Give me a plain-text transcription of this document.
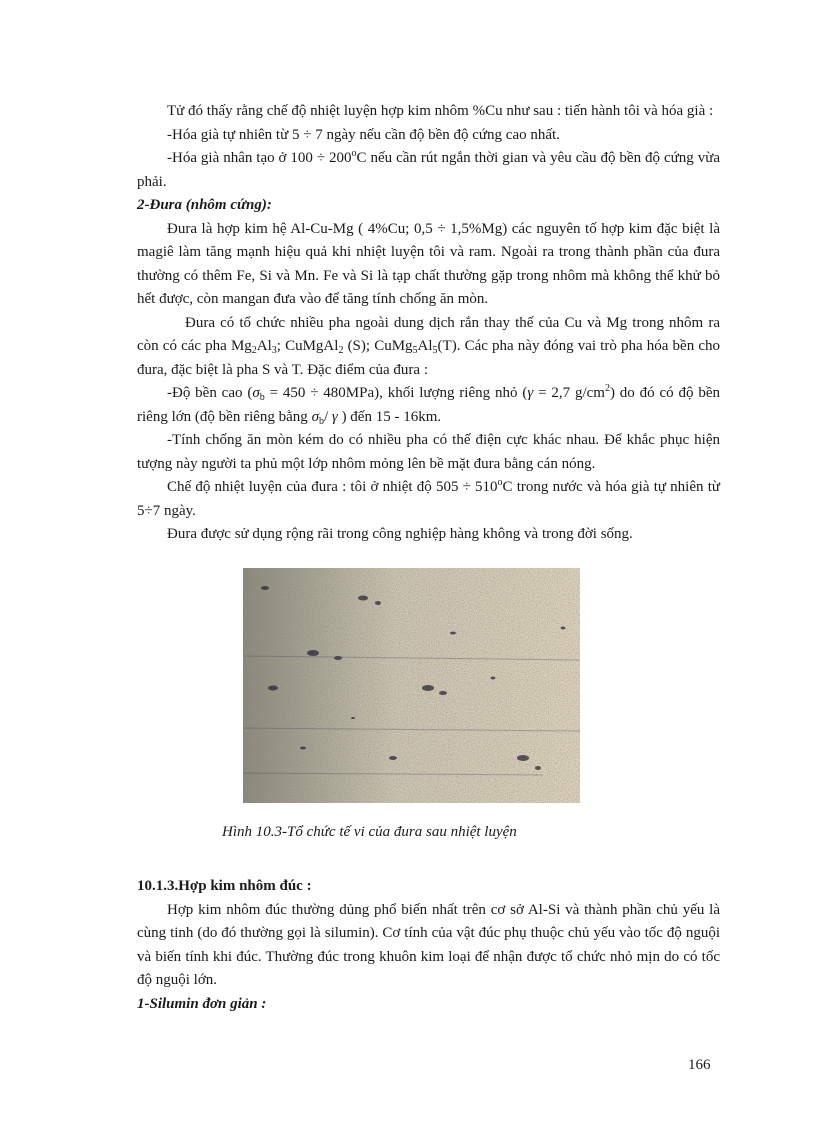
Tử đó thấy rằng chế độ nhiệt luyện hợp kim nhôm %Cu như sau : tiến hành tôi và hóa già :

-Hóa già tự nhiên từ 5 ÷ 7 ngày nếu cần độ bền độ cứng cao nhất.

-Hóa già nhân tạo ở $100 \div 200^oC$ nếu cần rút ngắn thời gian và yêu cầu độ bền độ cứng vừa phải.

2-Đura (nhôm cứng):

Đura là hợp kim hệ Al-Cu-Mg ( 4%Cu; 0,5 ÷ 1,5%Mg) các nguyên tố hợp kim đặc biệt là magiê làm tăng mạnh hiệu quả khi nhiệt luyện tôi và ram. Ngoài ra trong thành phần của đura thường có thêm Fe, Si và Mn. Fe và Si là tạp chất thường gặp trong nhôm mà không thể khử bỏ hết được, còn mangan đưa vào để tăng tính chống ăn mòn.

Đura có tổ chức nhiều pha ngoài dung dịch rắn thay thế của Cu và Mg trong nhôm ra còn có các pha $Mg_2Al_3$; CuMgAl$_2$ (S); $CuMg_5Al_5(T)$. Các pha này đóng vai trò pha hóa bền cho đura, đặc biệt là pha S và T. Đặc điểm của đura :

-Độ bền cao $(\sigma_b = 450 \div 480MPa)$, khối lượng riêng nhỏ (γ = 2,7 $g/cm^2$) do đó có độ bền riêng lớn (độ bền riêng bằng $\sigma_b/$ γ ) đến 15 - 16km.

-Tính chống ăn mòn kém do có nhiều pha có thế điện cực khác nhau. Để khắc phục hiện tượng này người ta phủ một lớp nhôm mỏng lên bề mặt đura bằng cán nóng.

Chế độ nhiệt luyện của đura : tôi ở nhiệt độ $505 \div 510^oC$ trong nước và hóa già tự nhiên từ 5÷7 ngày.

Đura được sử dụng rộng rãi trong công nghiệp hàng không và trong đời sống.

Hình 10.3-Tổ chức tế vi của đura sau nhiệt luyện

10.1.3.Hợp kim nhôm đúc :

Hợp kim nhôm đúc thường dủng phổ biến nhất trên cơ sở Al-Si và thành phần chủ yếu là cùng tinh (do đó thường gọi là silumin). Cơ tính của vật đúc phụ thuộc chủ yếu vào tốc độ nguội và biến tính khi đúc. Thường đúc trong khuôn kim loại để nhận được tổ chức nhỏ mịn do có tốc độ nguội lớn.

1-Silumin đơn giản :

166
